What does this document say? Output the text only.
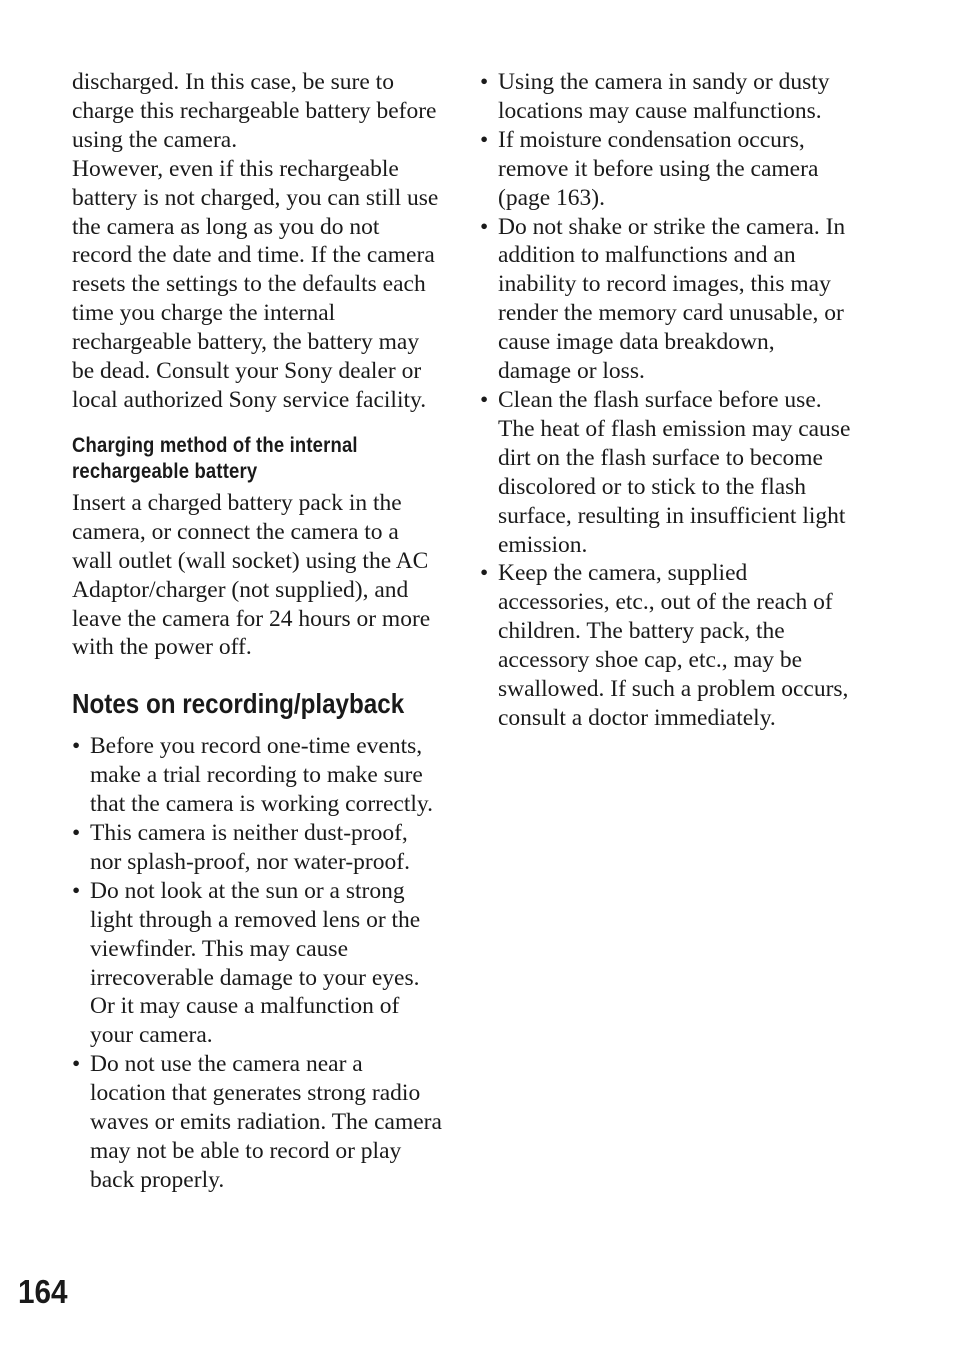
discharged. In this case, be sure to charge this rechargeable battery before using the camera.

However, even if this rechargeable battery is not charged, you can still use the camera as long as you do not record the date and time. If the camera resets the settings to the defaults each time you charge the internal rechargeable battery, the battery may be dead. Consult your Sony dealer or local authorized Sony service facility.

Charging method of the internal
rechargeable battery

Insert a charged battery pack in the camera, or connect the camera to a wall outlet (wall socket) using the AC Adaptor/charger (not supplied), and leave the camera for 24 hours or more with the power off.

Notes on recording/playback
• Before you record one-time events, make a trial recording to make sure that the camera is working correctly.
• This camera is neither dust-proof, nor splash-proof, nor water-proof.
• Do not look at the sun or a strong light through a removed lens or the viewfinder. This may cause irrecoverable damage to your eyes. Or it may cause a malfunction of your camera.
• Do not use the camera near a location that generates strong radio waves or emits radiation. The camera may not be able to record or play back properly.
• Using the camera in sandy or dusty locations may cause malfunctions.
• If moisture condensation occurs, remove it before using the camera (page 163).
• Do not shake or strike the camera. In addition to malfunctions and an inability to record images, this may render the memory card unusable, or cause image data breakdown, damage or loss.
• Clean the flash surface before use. The heat of flash emission may cause dirt on the flash surface to become discolored or to stick to the flash surface, resulting in insufficient light emission.
• Keep the camera, supplied accessories, etc., out of the reach of children. The battery pack, the accessory shoe cap, etc., may be swallowed. If such a problem occurs, consult a doctor immediately.
164
